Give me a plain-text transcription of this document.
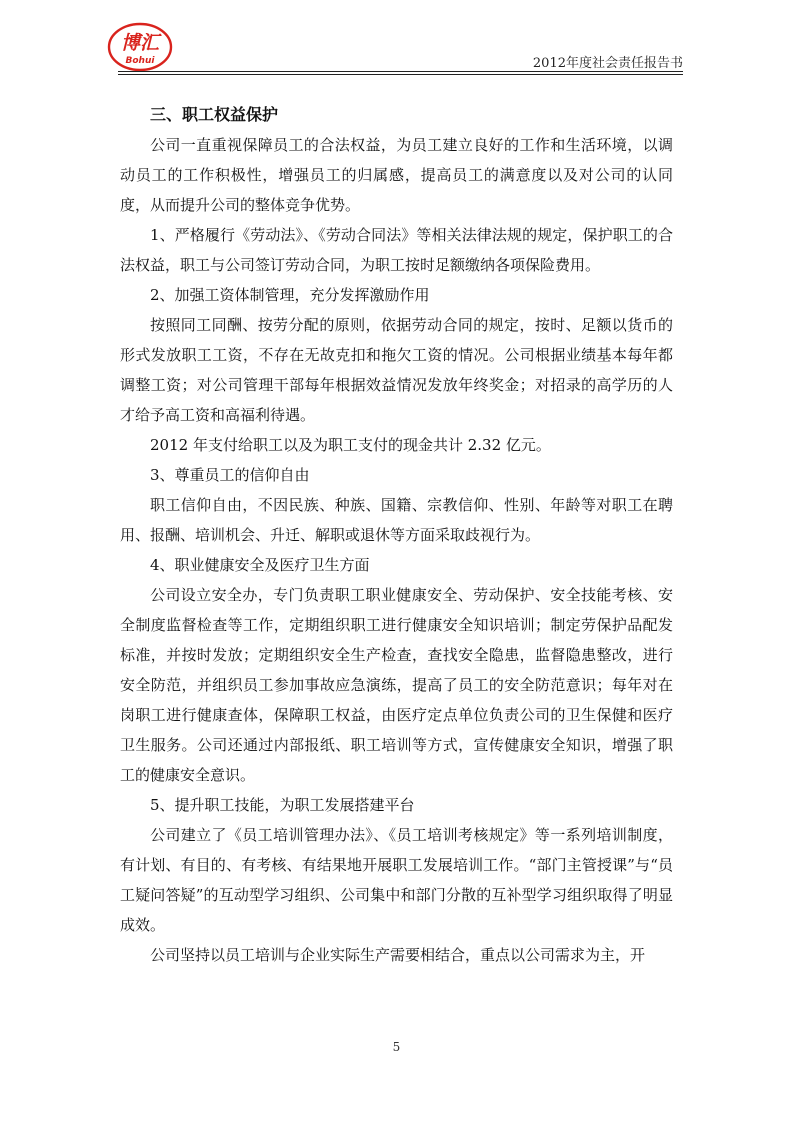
博汇
Bohui	2012年度社会责任报告书

三、职工权益保护

公司一直重视保障员工的合法权益，为员工建立良好的工作和生活环境，以调动员工的工作积极性，增强员工的归属感，提高员工的满意度以及对公司的认同度，从而提升公司的整体竞争优势。

1、严格履行《劳动法》、《劳动合同法》等相关法律法规的规定，保护职工的合法权益，职工与公司签订劳动合同，为职工按时足额缴纳各项保险费用。

2、加强工资体制管理，充分发挥激励作用

按照同工同酬、按劳分配的原则，依据劳动合同的规定，按时、足额以货币的形式发放职工工资，不存在无故克扣和拖欠工资的情况。公司根据业绩基本每年都调整工资；对公司管理干部每年根据效益情况发放年终奖金；对招录的高学历的人才给予高工资和高福利待遇。

2012 年支付给职工以及为职工支付的现金共计 2.32 亿元。

3、尊重员工的信仰自由

职工信仰自由，不因民族、种族、国籍、宗教信仰、性别、年龄等对职工在聘用、报酬、培训机会、升迁、解职或退休等方面采取歧视行为。

4、职业健康安全及医疗卫生方面

公司设立安全办，专门负责职工职业健康安全、劳动保护、安全技能考核、安全制度监督检查等工作，定期组织职工进行健康安全知识培训；制定劳保护品配发标准，并按时发放；定期组织安全生产检查，查找安全隐患，监督隐患整改，进行安全防范，并组织员工参加事故应急演练，提高了员工的安全防范意识；每年对在岗职工进行健康查体，保障职工权益，由医疗定点单位负责公司的卫生保健和医疗卫生服务。公司还通过内部报纸、职工培训等方式，宣传健康安全知识，增强了职工的健康安全意识。

5、提升职工技能，为职工发展搭建平台

公司建立了《员工培训管理办法》、《员工培训考核规定》等一系列培训制度，有计划、有目的、有考核、有结果地开展职工发展培训工作。“部门主管授课”与“员工疑问答疑”的互动型学习组织、公司集中和部门分散的互补型学习组织取得了明显成效。

公司坚持以员工培训与企业实际生产需要相结合，重点以公司需求为主，开

5
